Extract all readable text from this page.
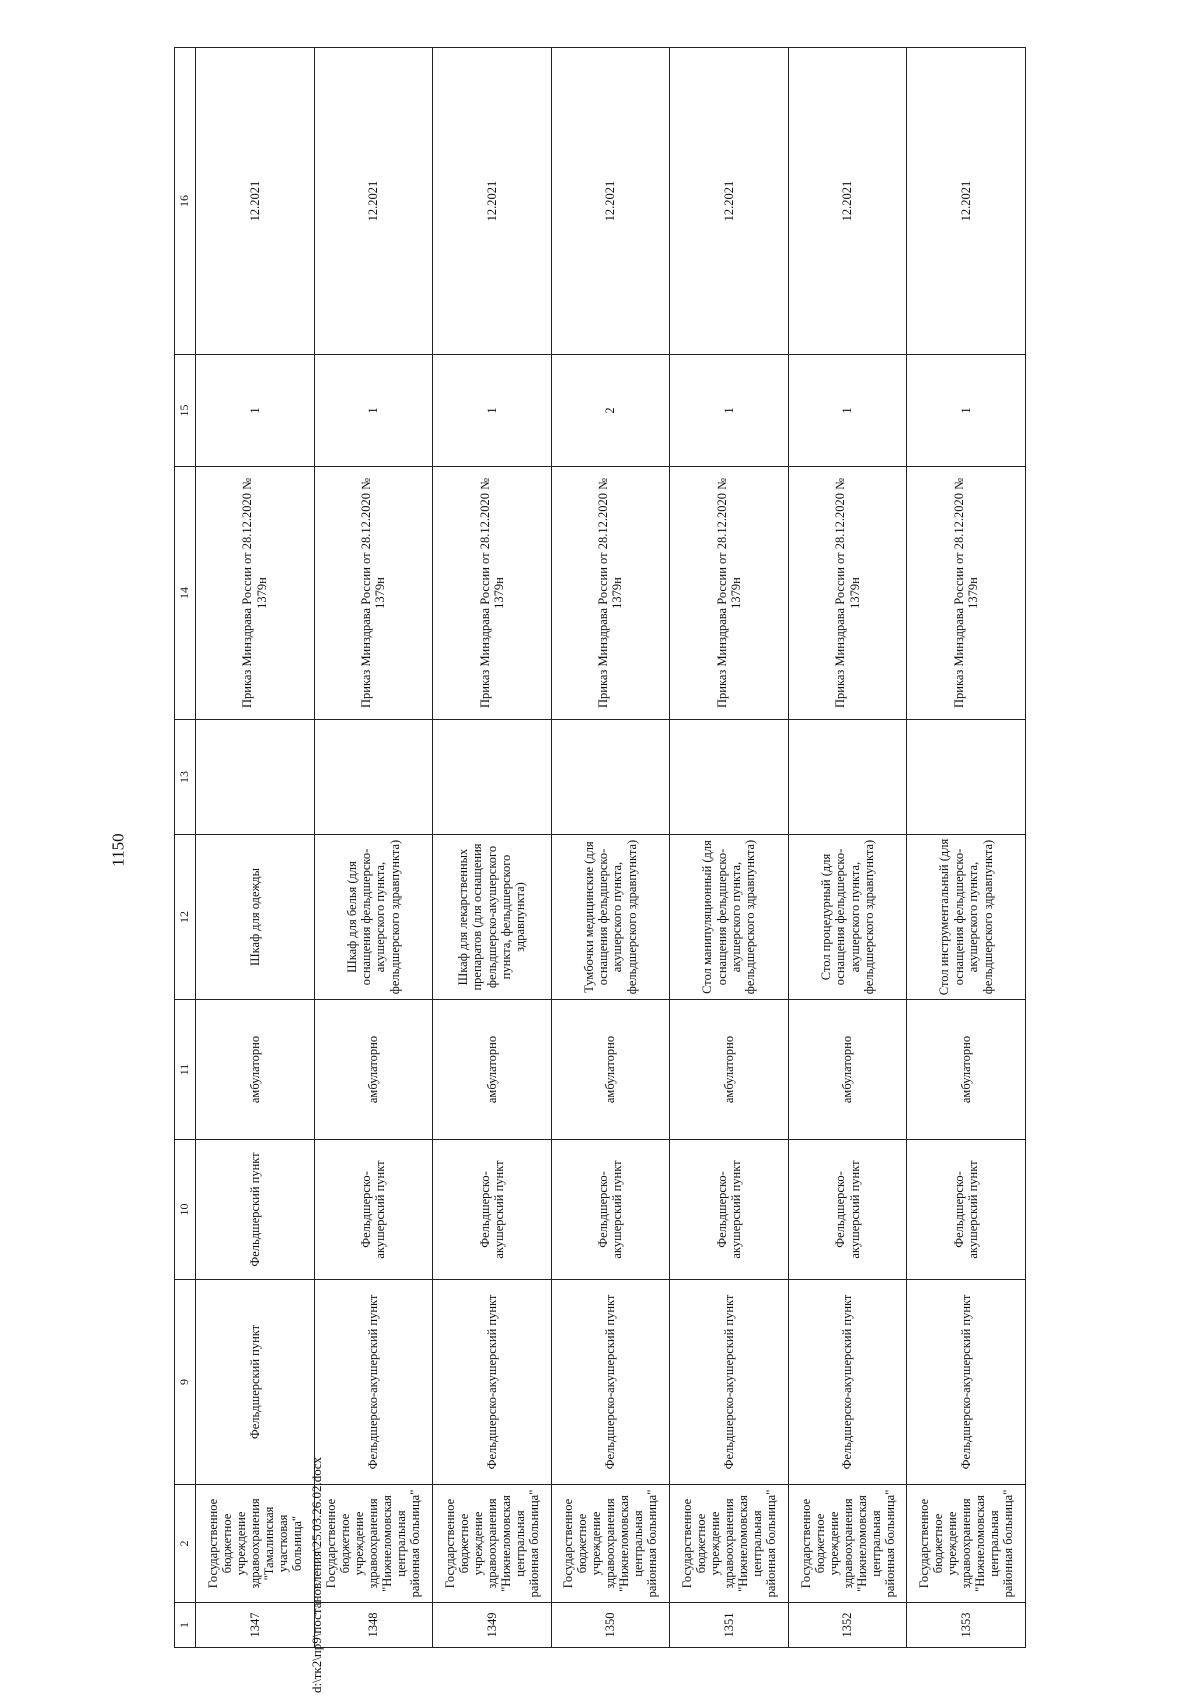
1150
1	2	9	10	11	12	13	14	15	16
1347	Государственное бюджетное учреждение здравоохранения "Тамалинская участковая больница"	Фельдшерский пункт	Фельдшерский пункт	амбулаторно	Шкаф для одежды		Приказ Минздрава России от 28.12.2020 № 1379н	1	12.2021
1348	Государственное бюджетное учреждение здравоохранения "Нижнеломовская центральная районная больница"	Фельдшерско-акушерский пункт	Фельдшерско-акушерский пункт	амбулаторно	Шкаф для белья (для оснащения фельдшерско-акушерского пункта, фельдшерского здравпункта)		Приказ Минздрава России от 28.12.2020 № 1379н	1	12.2021
1349	Государственное бюджетное учреждение здравоохранения "Нижнеломовская центральная районная больница"	Фельдшерско-акушерский пункт	Фельдшерско-акушерский пункт	амбулаторно	Шкаф для лекарственных препаратов (для оснащения фельдшерско-акушерского пункта, фельдшерского здравпункта)		Приказ Минздрава России от 28.12.2020 № 1379н	1	12.2021
1350	Государственное бюджетное учреждение здравоохранения "Нижнеломовская центральная районная больница"	Фельдшерско-акушерский пункт	Фельдшерско-акушерский пункт	амбулаторно	Тумбочки медицинские (для оснащения фельдшерско-акушерского пункта, фельдшерского здравпункта)		Приказ Минздрава России от 28.12.2020 № 1379н	2	12.2021
1351	Государственное бюджетное учреждение здравоохранения "Нижнеломовская центральная районная больница"	Фельдшерско-акушерский пункт	Фельдшерско-акушерский пункт	амбулаторно	Стол манипуляционный (для оснащения фельдшерско-акушерского пункта, фельдшерского здравпункта)		Приказ Минздрава России от 28.12.2020 № 1379н	1	12.2021
1352	Государственное бюджетное учреждение здравоохранения "Нижнеломовская центральная районная больница"	Фельдшерско-акушерский пункт	Фельдшерско-акушерский пункт	амбулаторно	Стол процедурный (для оснащения фельдшерско-акушерского пункта, фельдшерского здравпункта)		Приказ Минздрава России от 28.12.2020 № 1379н	1	12.2021
1353	Государственное бюджетное учреждение здравоохранения "Нижнеломовская центральная районная больница"	Фельдшерско-акушерский пункт	Фельдшерско-акушерский пункт	амбулаторно	Стол инструментальный (для оснащения фельдшерско-акушерского пункта, фельдшерского здравпункта)		Приказ Минздрава России от 28.12.2020 № 1379н	1	12.2021
d:\тк2\пр9\постановления\25.03.26.02.docx
